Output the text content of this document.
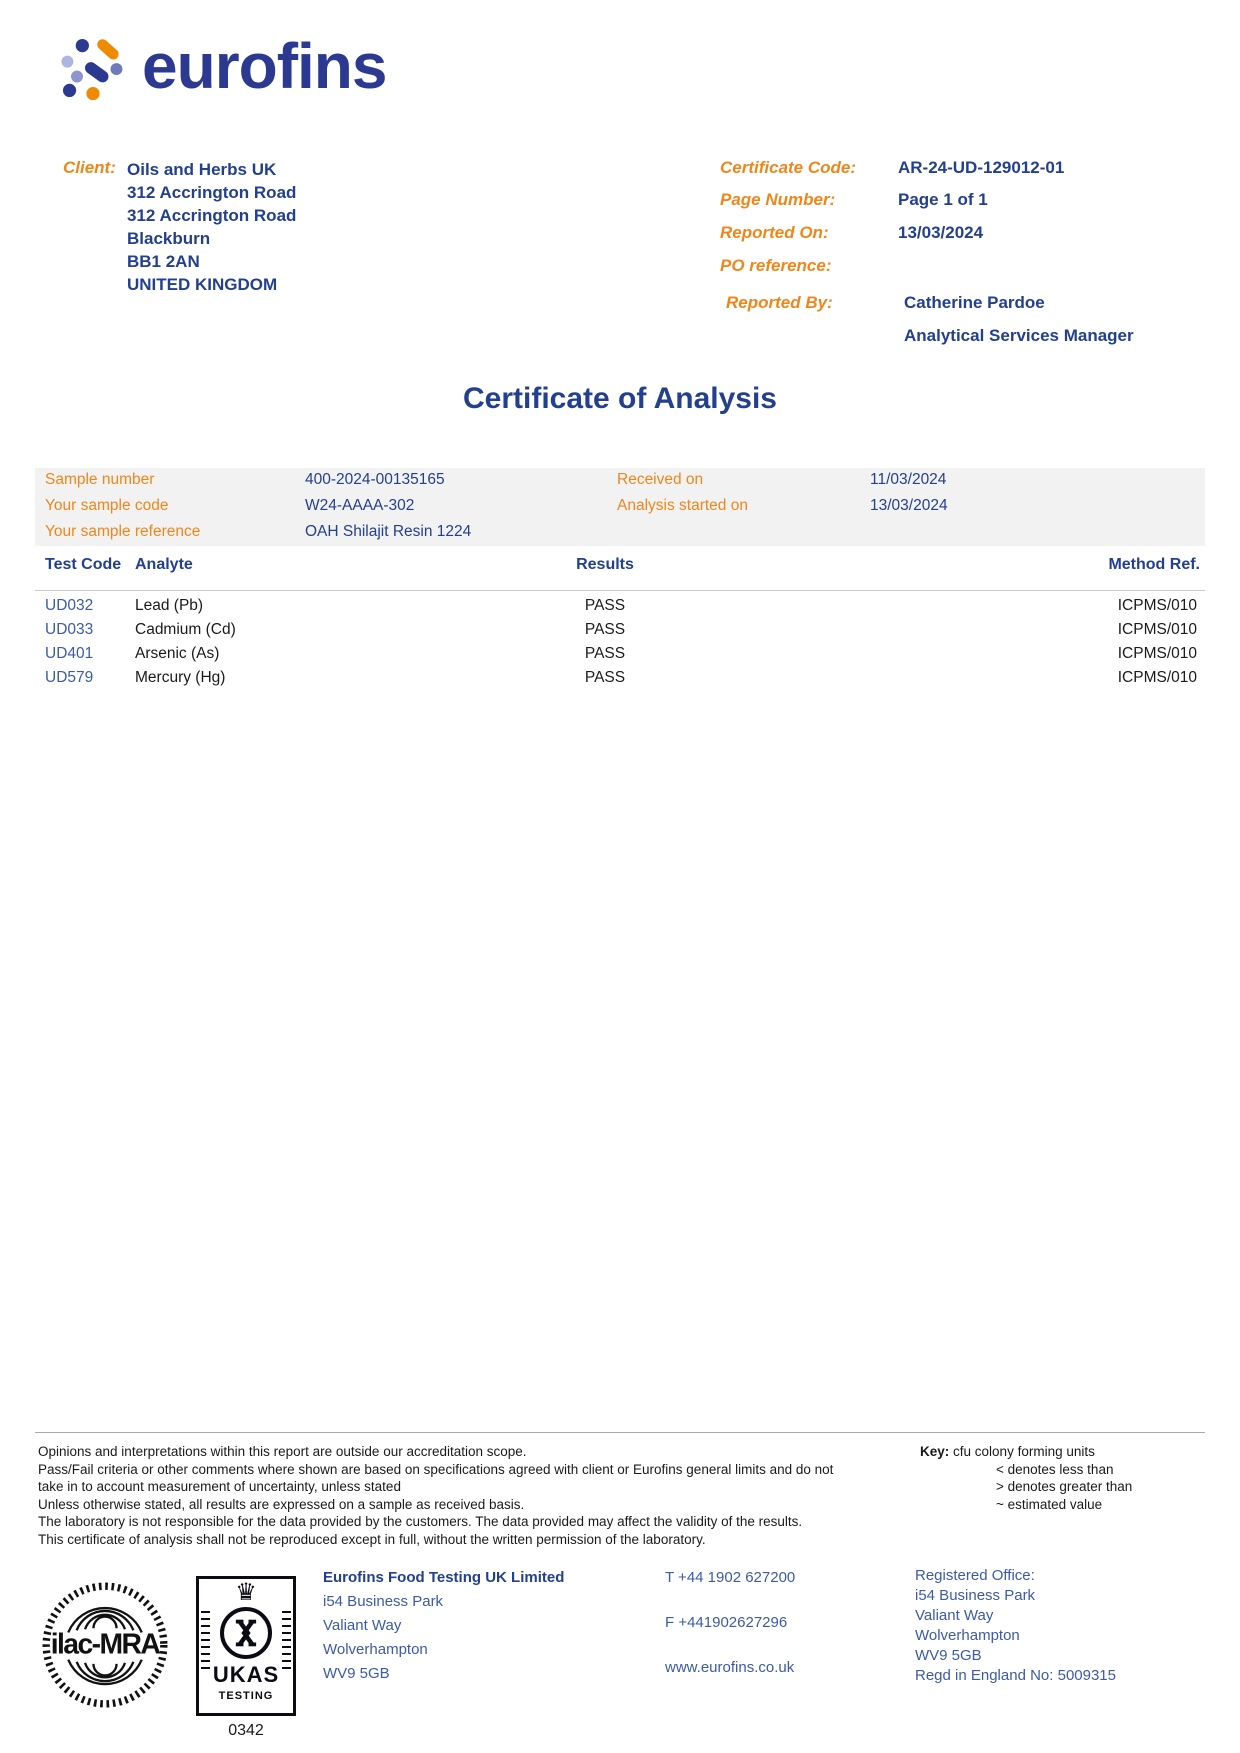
eurofins
Client: Oils and Herbs UK
312 Accrington Road
312 Accrington Road
Blackburn
BB1 2AN
UNITED KINGDOM
Certificate Code: AR-24-UD-129012-01
Page Number:	Page 1 of 1
Reported On:	13/03/2024
PO reference:
Reported By:	Catherine Pardoe
Analytical Services Manager
Certificate of Analysis
Sample number	400-2024-00135165	Received on	11/03/2024
Your sample code	W24-AAAA-302	Analysis started on	13/03/2024
Your sample reference	OAH Shilajit Resin 1224
Test Code Analyte	Results	Method Ref.
UD032	Lead (Pb)	PASS	ICPMS/010
UD033	Cadmium (Cd)	PASS	ICPMS/010
UD401	Arsenic (As)	PASS	ICPMS/010
UD579	Mercury (Hg)	PASS	ICPMS/010
Opinions and interpretations within this report are outside our accreditation scope.
Pass/Fail criteria or other comments where shown are based on specifications agreed with client or Eurofins general limits and do not
take in to account measurement of uncertainty, unless stated
Unless otherwise stated, all results are expressed on a sample as received basis.
The laboratory is not responsible for the data provided by the customers. The data provided may affect the validity of the results.
This certificate of analysis shall not be reproduced except in full, without the written permission of the laboratory.
Key: cfu colony forming units
< denotes less than
> denotes greater than
~ estimated value
ilac-MRA
♛
UKAS
TESTING
0342
Eurofins Food Testing UK Limited
i54 Business Park
Valiant Way
Wolverhampton
WV9 5GB
T +44 1902 627200
F +441902627296
www.eurofins.co.uk
Registered Office:
i54 Business Park
Valiant Way
Wolverhampton
WV9 5GB
Regd in England No: 5009315
